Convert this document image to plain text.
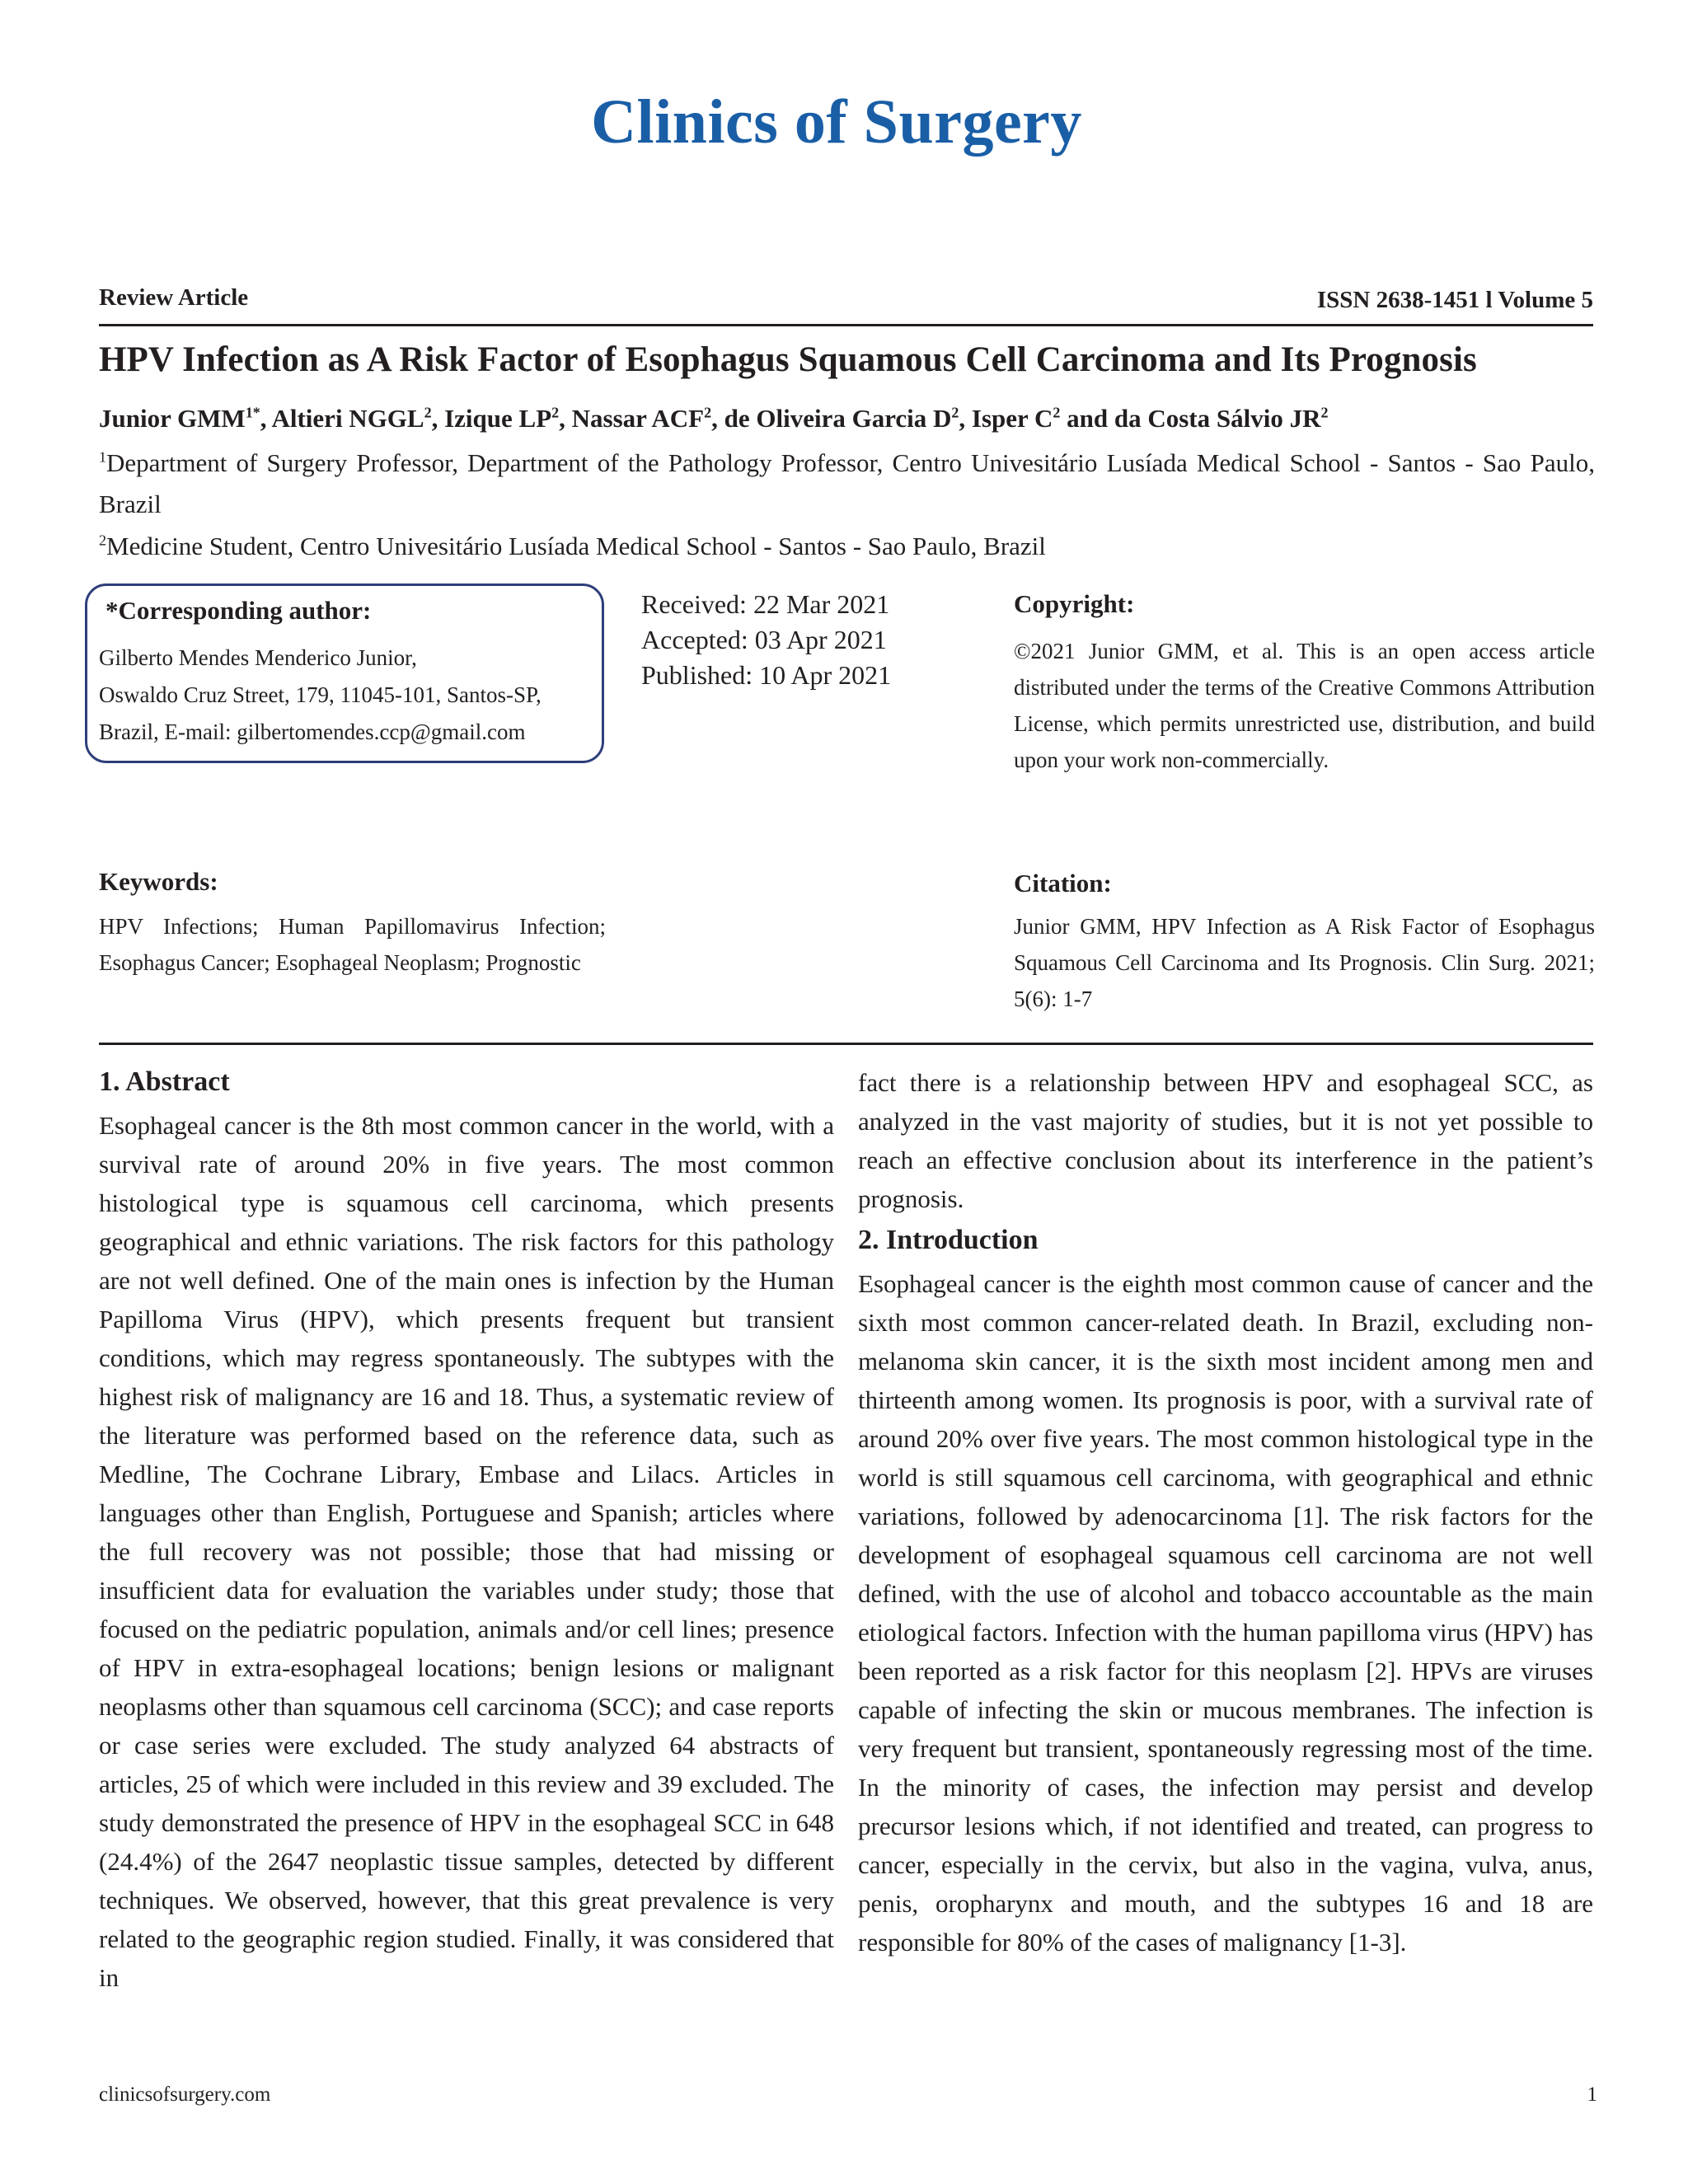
Clinics of Surgery
Review Article	ISSN 2638-1451 l Volume 5
HPV Infection as A Risk Factor of Esophagus Squamous Cell Carcinoma and Its Prognosis
Junior $GMM^{1*}$, Altieri NGGL$^2$, Izique $LP^2$, Nassar ACF$^2$, de Oliveira Garcia $D^2$, Isper $C^2$ and da Costa Sálvio $JR^2$
$^1$Department of Surgery Professor, Department of the Pathology Professor, Centro Univesitário Lusíada Medical School - Santos - Sao Paulo, Brazil
$^2$Medicine Student, Centro Univesitário Lusíada Medical School - Santos - Sao Paulo, Brazil
*Corresponding author:
Gilberto Mendes Menderico Junior,
Oswaldo Cruz Street, 179, 11045-101, Santos-SP,
Brazil, E-mail: gilbertomendes.ccp@gmail.com
Received: 22 Mar 2021
Accepted: 03 Apr 2021
Published: 10 Apr 2021
Copyright:
©2021 Junior GMM, et al. This is an open access article distributed under the terms of the Creative Commons Attribution License, which permits unrestricted use, distribution, and build upon your work non-commercially.
Keywords:
HPV Infections; Human Papillomavirus Infection; Esophagus Cancer; Esophageal Neoplasm; Prognostic
Citation:
Junior GMM, HPV Infection as A Risk Factor of Esophagus Squamous Cell Carcinoma and Its Prognosis. Clin Surg. 2021; 5(6): 1-7
1. Abstract

Esophageal cancer is the 8th most common cancer in the world, with a survival rate of around 20% in five years. The most common histological type is squamous cell carcinoma, which presents geographical and ethnic variations. The risk factors for this pathology are not well defined. One of the main ones is infection by the Human Papilloma Virus (HPV), which presents frequent but transient conditions, which may regress spontaneously. The subtypes with the highest risk of malignancy are 16 and 18. Thus, a systematic review of the literature was performed based on the reference data, such as Medline, The Cochrane Library, Embase and Lilacs. Articles in languages other than English, Portuguese and Spanish; articles where the full recovery was not possible; those that had missing or insufficient data for evaluation the variables under study; those that focused on the pediatric population, animals and/or cell lines; presence of HPV in extra-esophageal locations; benign lesions or malignant neoplasms other than squamous cell carcinoma (SCC); and case reports or case series were excluded. The study analyzed 64 abstracts of articles, 25 of which were included in this review and 39 excluded. The study demonstrated the presence of HPV in the esophageal SCC in 648 (24.4%) of the 2647 neoplastic tissue samples, detected by different techniques. We observed, however, that this great prevalence is very related to the geographic region studied. Finally, it was considered that in

fact there is a relationship between HPV and esophageal SCC, as analyzed in the vast majority of studies, but it is not yet possible to reach an effective conclusion about its interference in the patient’s prognosis.

2. Introduction

Esophageal cancer is the eighth most common cause of cancer and the sixth most common cancer-related death. In Brazil, excluding non-melanoma skin cancer, it is the sixth most incident among men and thirteenth among women. Its prognosis is poor, with a survival rate of around 20% over five years. The most common histological type in the world is still squamous cell carcinoma, with geographical and ethnic variations, followed by adenocarcinoma [1]. The risk factors for the development of esophageal squamous cell carcinoma are not well defined, with the use of alcohol and tobacco accountable as the main etiological factors. Infection with the human papilloma virus (HPV) has been reported as a risk factor for this neoplasm [2]. HPVs are viruses capable of infecting the skin or mucous membranes. The infection is very frequent but transient, spontaneously regressing most of the time. In the minority of cases, the infection may persist and develop precursor lesions which, if not identified and treated, can progress to cancer, especially in the cervix, but also in the vagina, vulva, anus, penis, oropharynx and mouth, and the subtypes 16 and 18 are responsible for 80% of the cases of malignancy [1-3].

clinicsofsurgery.com	1
